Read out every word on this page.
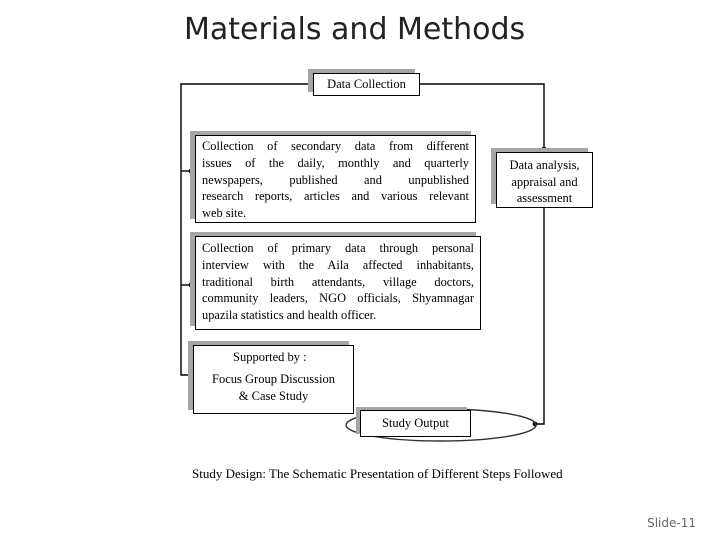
Materials and Methods
Data Collection
Collection of secondary data from different
issues of the daily, monthly and quarterly
newspapers, published and unpublished
research reports, articles and various relevant
web site.
Data analysis,
appraisal and
assessment
Collection of primary data through personal
interview with the Aila affected inhabitants,
traditional birth attendants, village doctors,
community leaders, NGO officials, Shyamnagar
upazila statistics and health officer.
Supported by :
Focus Group Discussion
& Case Study
Study Output
Study Design: The Schematic Presentation of Different Steps Followed
Slide-11
